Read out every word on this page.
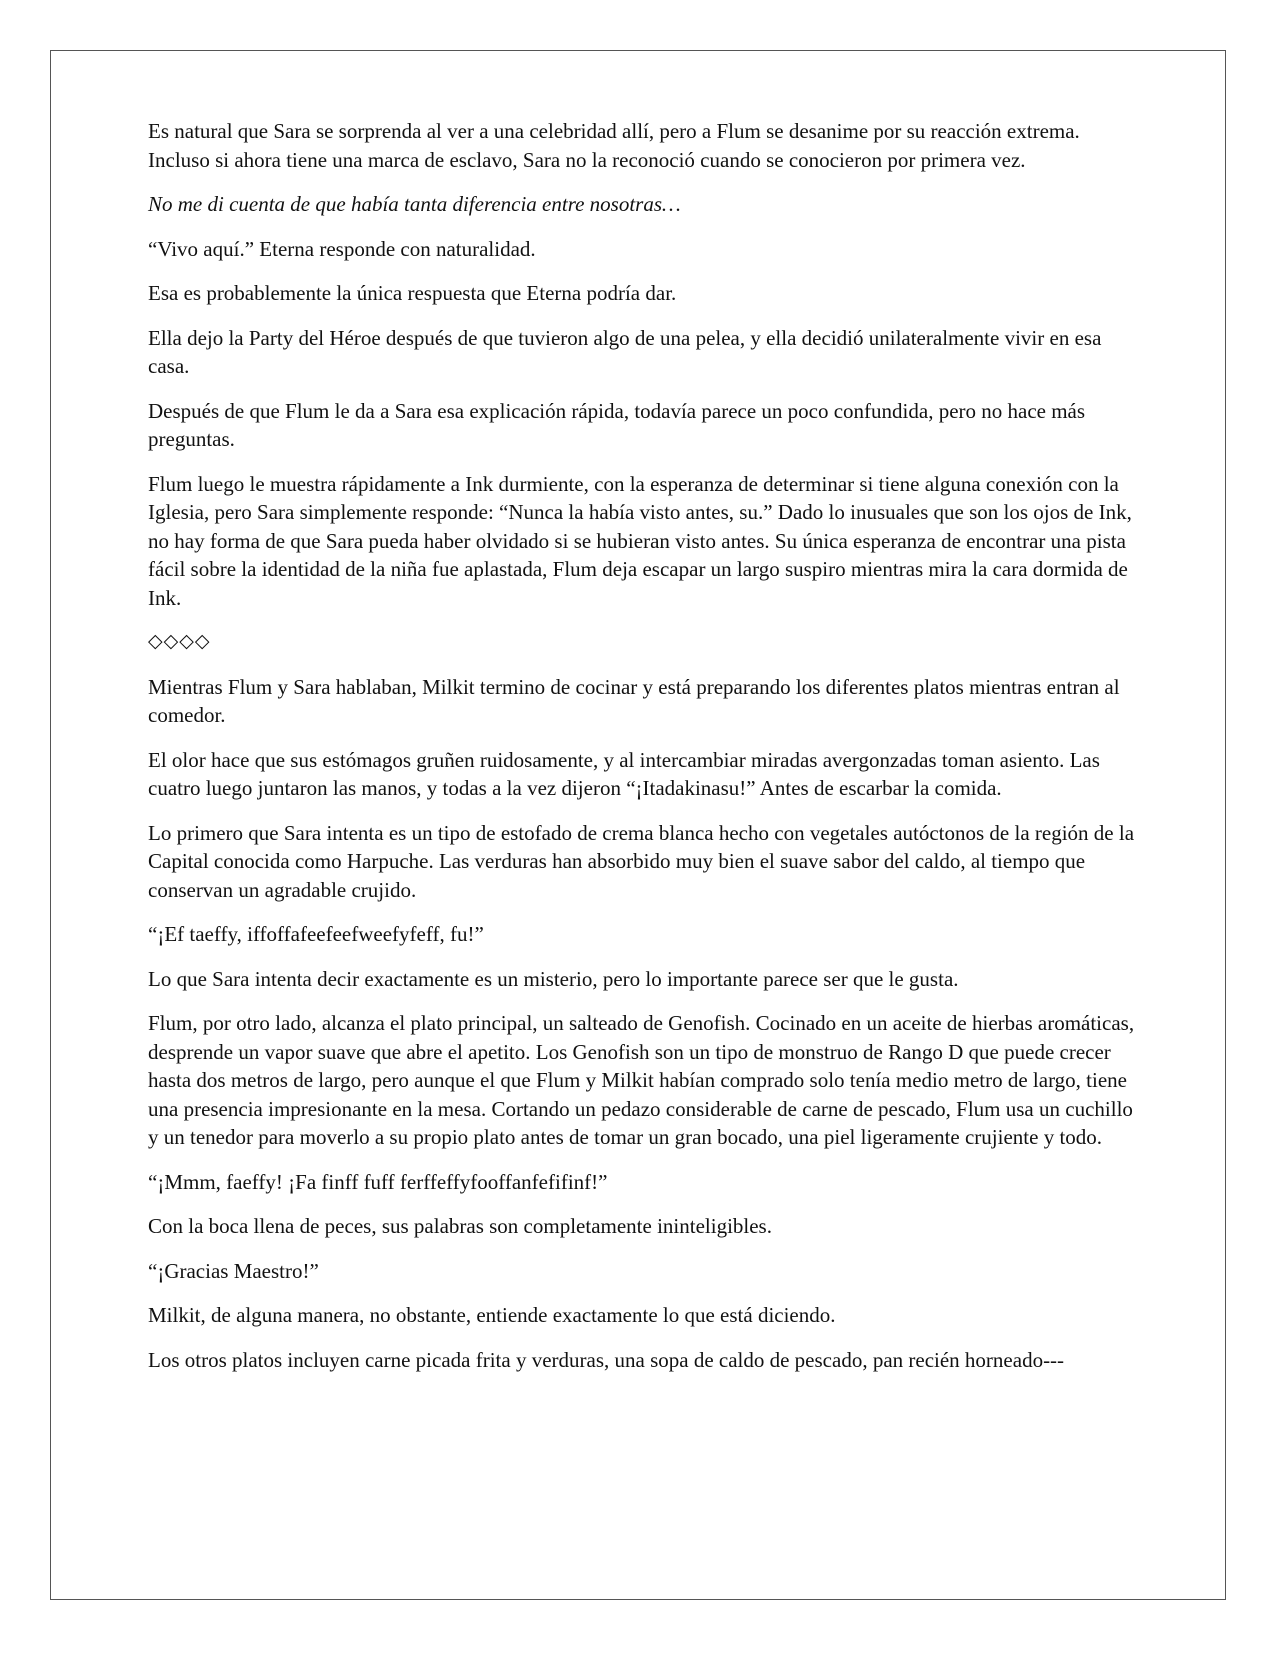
Es natural que Sara se sorprenda al ver a una celebridad allí, pero a Flum se desanime por su reacción extrema. Incluso si ahora tiene una marca de esclavo, Sara no la reconoció cuando se conocieron por primera vez.

No me di cuenta de que había tanta diferencia entre nosotras…

“Vivo aquí.” Eterna responde con naturalidad.

Esa es probablemente la única respuesta que Eterna podría dar.

Ella dejo la Party del Héroe después de que tuvieron algo de una pelea, y ella decidió unilateralmente vivir en esa casa.

Después de que Flum le da a Sara esa explicación rápida, todavía parece un poco confundida, pero no hace más preguntas.

Flum luego le muestra rápidamente a Ink durmiente, con la esperanza de determinar si tiene alguna conexión con la Iglesia, pero Sara simplemente responde: “Nunca la había visto antes, su.” Dado lo inusuales que son los ojos de Ink, no hay forma de que Sara pueda haber olvidado si se hubieran visto antes. Su única esperanza de encontrar una pista fácil sobre la identidad de la niña fue aplastada, Flum deja escapar un largo suspiro mientras mira la cara dormida de Ink.

◇◇◇◇

Mientras Flum y Sara hablaban, Milkit termino de cocinar y está preparando los diferentes platos mientras entran al comedor.

El olor hace que sus estómagos gruñen ruidosamente, y al intercambiar miradas avergonzadas toman asiento. Las cuatro luego juntaron las manos, y todas a la vez dijeron “¡Itadakinasu!” Antes de escarbar la comida.

Lo primero que Sara intenta es un tipo de estofado de crema blanca hecho con vegetales autóctonos de la región de la Capital conocida como Harpuche. Las verduras han absorbido muy bien el suave sabor del caldo, al tiempo que conservan un agradable crujido.

“¡Ef taeffy, iffoffafeefeefweefyfeff, fu!”

Lo que Sara intenta decir exactamente es un misterio, pero lo importante parece ser que le gusta.

Flum, por otro lado, alcanza el plato principal, un salteado de Genofish. Cocinado en un aceite de hierbas aromáticas, desprende un vapor suave que abre el apetito. Los Genofish son un tipo de monstruo de Rango D que puede crecer hasta dos metros de largo, pero aunque el que Flum y Milkit habían comprado solo tenía medio metro de largo, tiene una presencia impresionante en la mesa. Cortando un pedazo considerable de carne de pescado, Flum usa un cuchillo y un tenedor para moverlo a su propio plato antes de tomar un gran bocado, una piel ligeramente crujiente y todo.

“¡Mmm, faeffy! ¡Fa finff fuff ferffeffyfooffanfefifinf!”

Con la boca llena de peces, sus palabras son completamente ininteligibles.

“¡Gracias Maestro!”

Milkit, de alguna manera, no obstante, entiende exactamente lo que está diciendo.

Los otros platos incluyen carne picada frita y verduras, una sopa de caldo de pescado, pan recién horneado---
